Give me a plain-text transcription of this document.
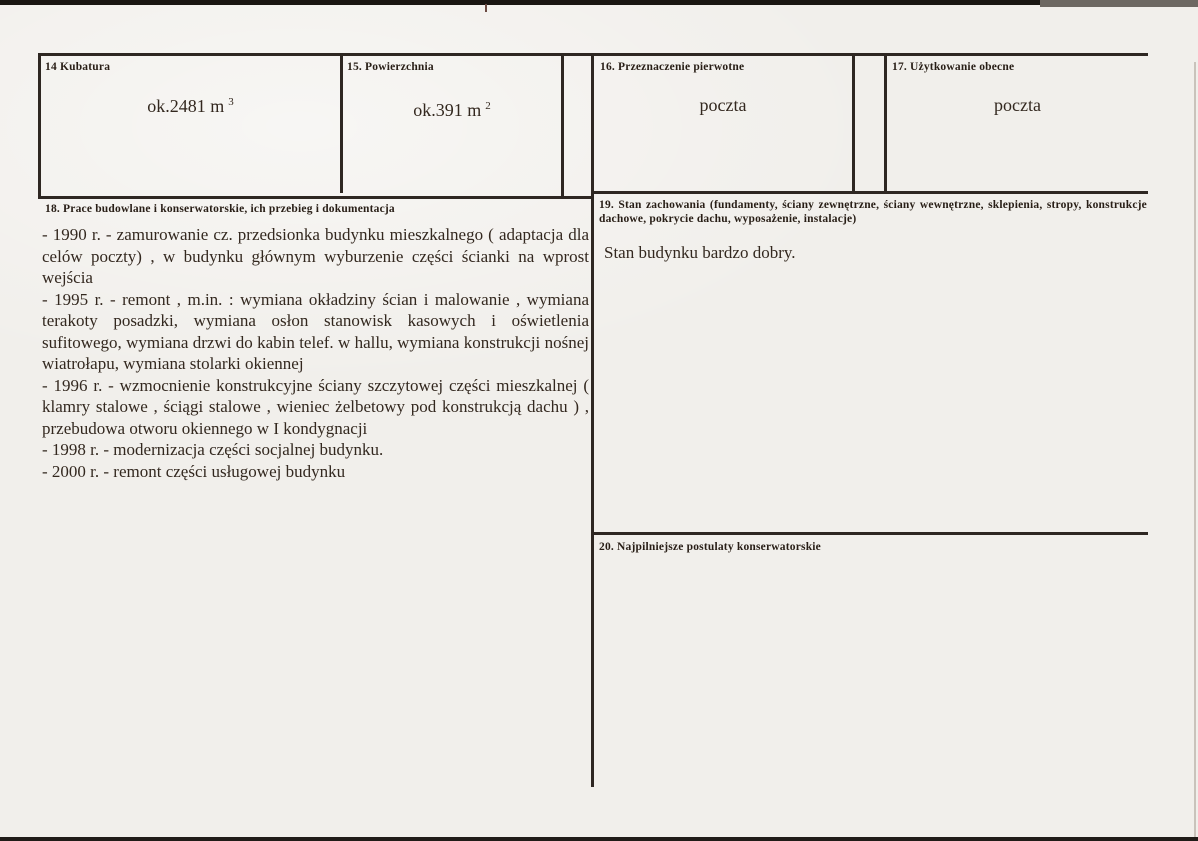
14 Kubatura
ok.2481 m $^3$
15. Powierzchnia
ok.391 m $^2$
16. Przeznaczenie pierwotne
poczta
17. Użytkowanie obecne
poczta
18. Prace budowlane i konserwatorskie, ich przebieg i dokumentacja

- 1990 r. - zamurowanie cz. przedsionka budynku mieszkalnego ( adaptacja dla celów poczty) , w budynku głównym wyburzenie części ścianki na wprost wejścia

- 1995 r. - remont , m.in. : wymiana okładziny ścian i malowanie , wymiana terakoty posadzki, wymiana osłon stanowisk kasowych i oświetlenia sufitowego, wymiana drzwi do kabin telef. w hallu, wymiana konstrukcji nośnej wiatrołapu, wymiana stolarki okiennej

- 1996 r. - wzmocnienie konstrukcyjne ściany szczytowej części mieszkalnej ( klamry stalowe , ściągi stalowe , wieniec żelbetowy pod konstrukcją dachu ) , przebudowa otworu okiennego w I kondygnacji

- 1998 r. - modernizacja części socjalnej budynku.

- 2000 r. - remont części usługowej budynku

19. Stan zachowania (fundamenty, ściany zewnętrzne, ściany wewnętrzne, sklepienia, stropy, konstrukcje dachowe, pokrycie dachu, wyposażenie, instalacje)
Stan budynku bardzo dobry.
20. Najpilniejsze postulaty konserwatorskie
